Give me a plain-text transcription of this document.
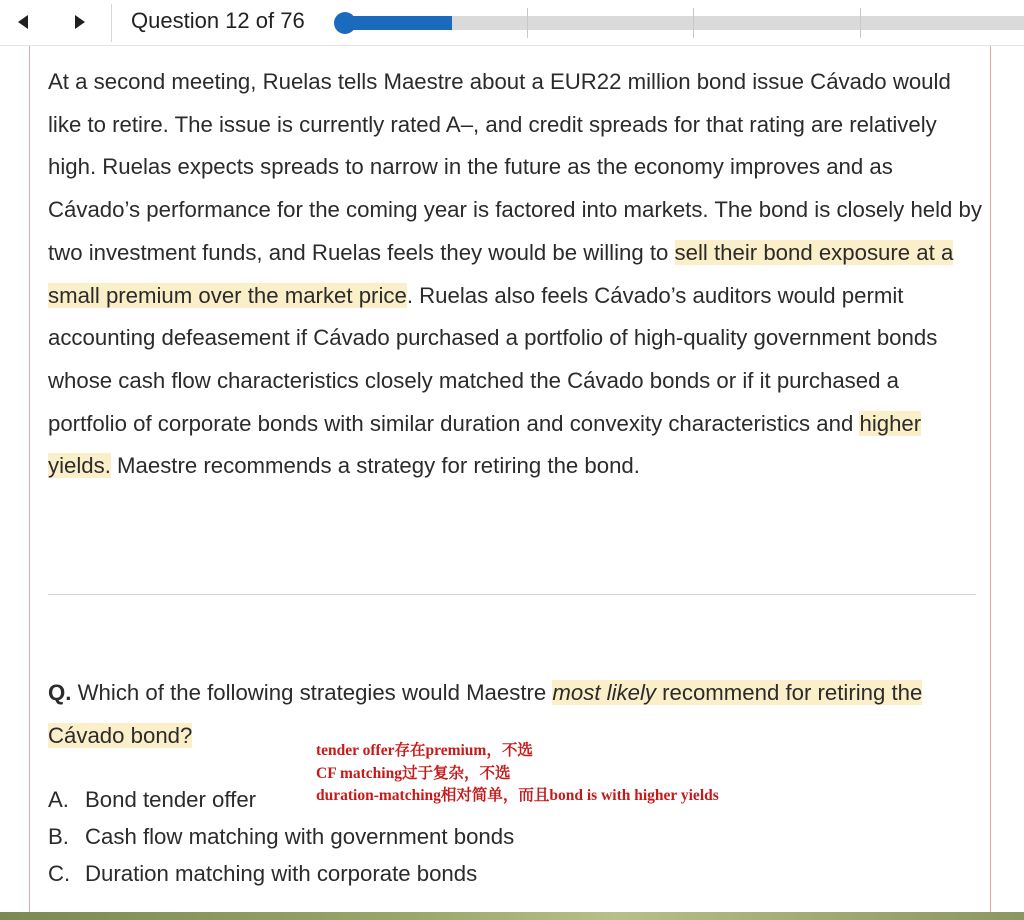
Question 12 of 76
At a second meeting, Ruelas tells Maestre about a EUR22 million bond issue Cávado would like to retire. The issue is currently rated A–, and credit spreads for that rating are relatively high. Ruelas expects spreads to narrow in the future as the economy improves and as Cávado’s performance for the coming year is factored into markets. The bond is closely held by two investment funds, and Ruelas feels they would be willing to sell their bond exposure at a small premium over the market price. Ruelas also feels Cávado’s auditors would permit accounting defeasement if Cávado purchased a portfolio of high-quality government bonds whose cash flow characteristics closely matched the Cávado bonds or if it purchased a portfolio of corporate bonds with similar duration and convexity characteristics and higher yields. Maestre recommends a strategy for retiring the bond.
Q. Which of the following strategies would Maestre most likely recommend for retiring the Cávado bond?
tender offer存在premium，不选
CF matching过于复杂，不选
duration-matching相对简单，而且bond is with higher yields
A. Bond tender offer
B. Cash flow matching with government bonds
C. Duration matching with corporate bonds
